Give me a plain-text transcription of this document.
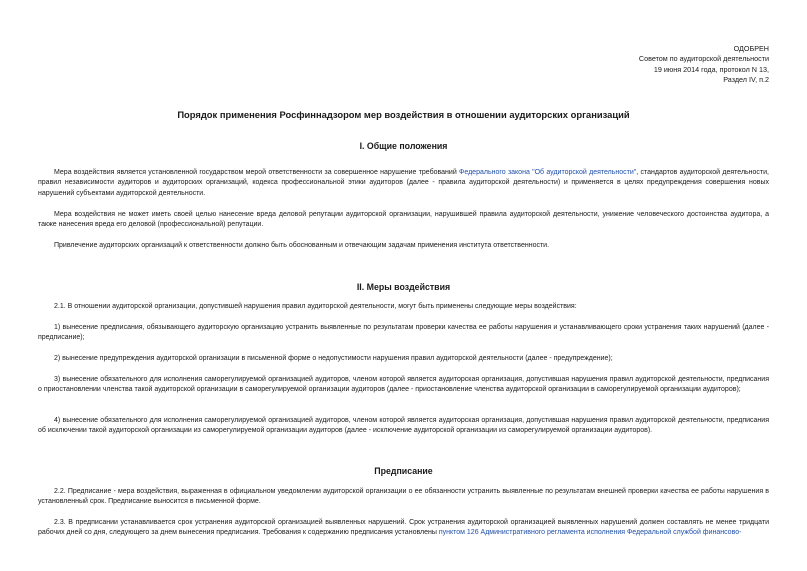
ОДОБРЕН
Советом по аудиторской деятельности
19 июня 2014 года, протокол N 13,
Раздел IV, п.2
Порядок применения Росфиннадзором мер воздействия в отношении аудиторских организаций
I. Общие положения
Мера воздействия является установленной государством мерой ответственности за совершенное нарушение требований Федерального закона "Об аудиторской деятельности", стандартов аудиторской деятельности, правил независимости аудиторов и аудиторских организаций, кодекса профессиональной этики аудиторов (далее - правила аудиторской деятельности) и применяется в целях предупреждения совершения новых нарушений субъектами аудиторской деятельности.
Мера воздействия не может иметь своей целью нанесение вреда деловой репутации аудиторской организации, нарушившей правила аудиторской деятельности, унижение человеческого достоинства аудитора, а также нанесения вреда его деловой (профессиональной) репутации.
Привлечение аудиторских организаций к ответственности должно быть обоснованным и отвечающим задачам применения института ответственности.
II. Меры воздействия
2.1. В отношении аудиторской организации, допустившей нарушения правил аудиторской деятельности, могут быть применены следующие меры воздействия:
1) вынесение предписания, обязывающего аудиторскую организацию устранить выявленные по результатам проверки качества ее работы нарушения и устанавливающего сроки устранения таких нарушений (далее - предписание);
2) вынесение предупреждения аудиторской организации в письменной форме о недопустимости нарушения правил аудиторской деятельности (далее - предупреждение);
3) вынесение обязательного для исполнения саморегулируемой организацией аудиторов, членом которой является аудиторская организация, допустившая нарушения правил аудиторской деятельности, предписания о приостановлении членства такой аудиторской организации в саморегулируемой организации аудиторов (далее - приостановление членства аудиторской организации в саморегулируемой организации аудиторов);
4) вынесение обязательного для исполнения саморегулируемой организацией аудиторов, членом которой является аудиторская организация, допустившая нарушения правил аудиторской деятельности, предписания об исключении такой аудиторской организации из саморегулируемой организации аудиторов (далее - исключение аудиторской организации из саморегулируемой организации аудиторов).
Предписание
2.2. Предписание - мера воздействия, выраженная в официальном уведомлении аудиторской организации о ее обязанности устранить выявленные по результатам внешней проверки качества ее работы нарушения в установленный срок. Предписание выносится в письменной форме.
2.3. В предписании устанавливается срок устранения аудиторской организацией выявленных нарушений. Срок устранения аудиторской организацией выявленных нарушений должен составлять не менее тридцати рабочих дней со дня, следующего за днем вынесения предписания. Требования к содержанию предписания установлены пунктом 126 Административного регламента исполнения Федеральной службой финансово-
